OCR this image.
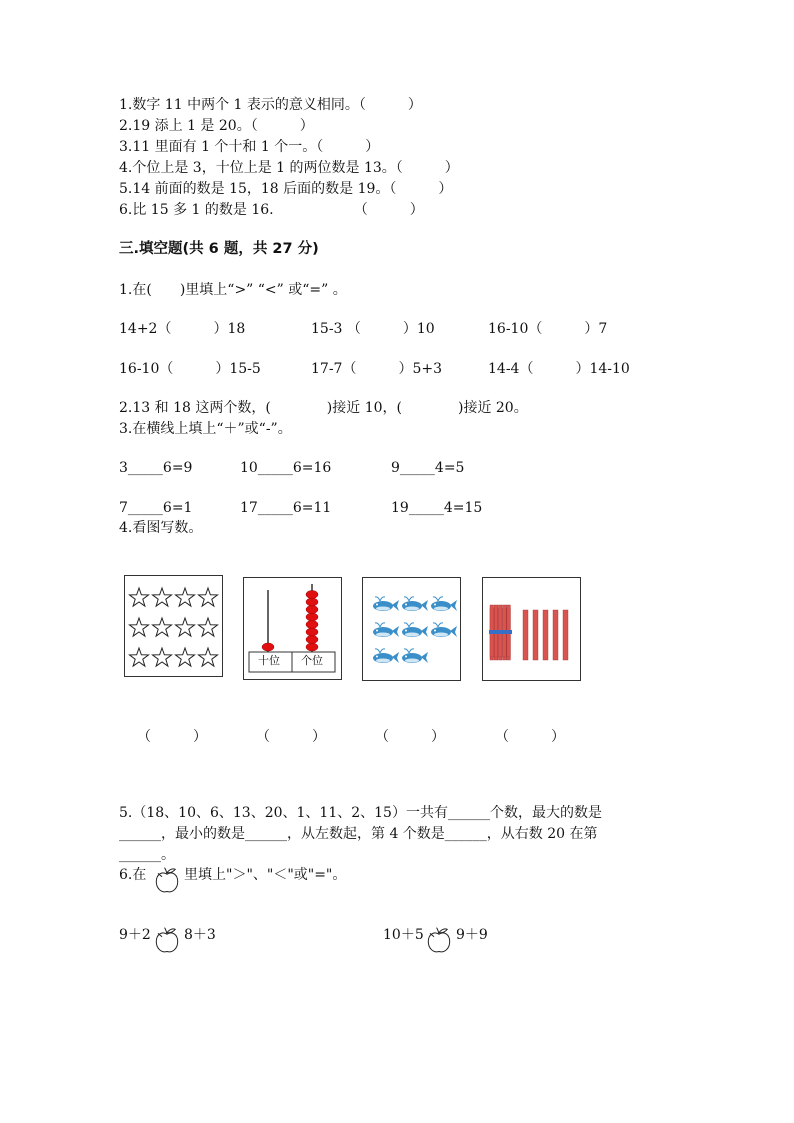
1.数字 11 中两个 1 表示的意义相同。（　　　）
2.19 添上 1 是 20。（　　　）
3.11 里面有 1 个十和 1 个一。（　　　）
4.个位上是 3，十位上是 1 的两位数是 13。（　　　）
5.14 前面的数是 15，18 后面的数是 19。（　　　）
6.比 15 多 1 的数是 16.                  （　　　）
三.填空题(共 6 题，共 27 分)
1.在(　　)里填上“>” “<” 或“=” 。
14+2（　　　）18	15-3 （　　　）10	16-10（　　　）7
16-10（　　　）15-5	17-7（　　　）5+3	14-4（　　　）14-10
2.13 和 18 这两个数，(　　　　)接近 10，(　　　　)接近 20。
3.在横线上填上“＋”或“-”。
3_____6=9	10_____6=16	9_____4=5
7_____6=1	17_____6=11	19_____4=15
4.看图写数。
十位 个位
（　　　）	（　　　）	（　　　）	（　　　）
5.（18、10、6、13、20、1、11、2、15）一共有______个数，最大的数是
______，最小的数是______，从左数起，第 4 个数是______，从右数 20 在第
______。
6.在	里填上"＞"、"＜"或"="。
9＋2 8＋3	10＋5 9＋9
